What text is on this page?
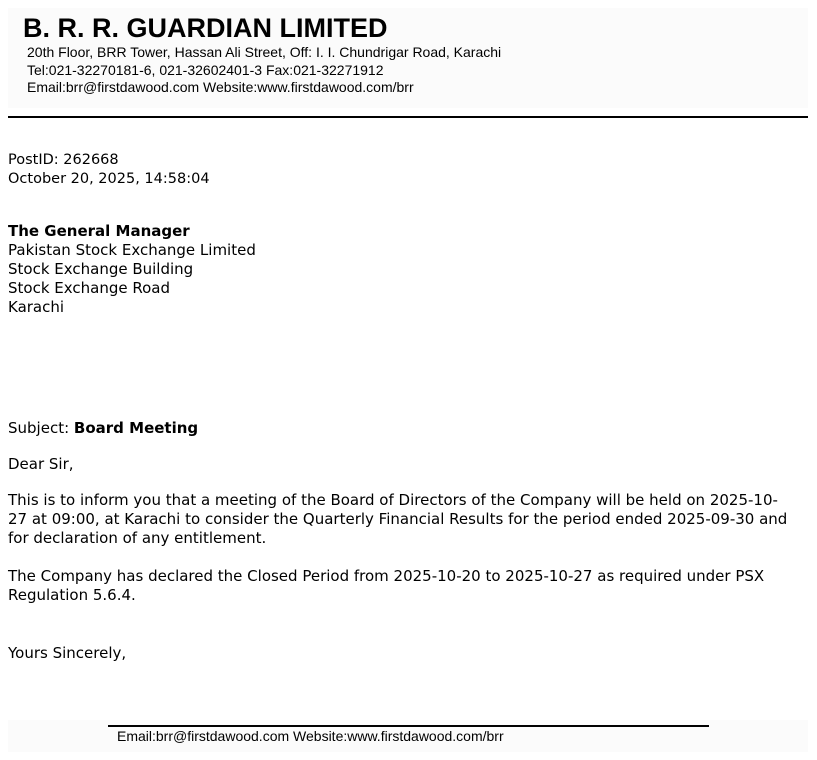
B. R. R. GUARDIAN LIMITED
20th Floor, BRR Tower, Hassan Ali Street, Off: I. I. Chundrigar Road, Karachi
Tel:021-32270181-6, 021-32602401-3 Fax:021-32271912
Email:brr@firstdawood.com Website:www.firstdawood.com/brr
PostID: 262668
October 20, 2025, 14:58:04
The General Manager
Pakistan Stock Exchange Limited
Stock Exchange Building
Stock Exchange Road
Karachi
Subject: Board Meeting
Dear Sir,
This is to inform you that a meeting of the Board of Directors of the Company will be held on 2025-10-27 at 09:00, at Karachi to consider the Quarterly Financial Results for the period ended 2025-09-30 and for declaration of any entitlement.
The Company has declared the Closed Period from 2025-10-20 to 2025-10-27 as required under PSX Regulation 5.6.4.
Yours Sincerely,
Email:brr@firstdawood.com Website:www.firstdawood.com/brr
